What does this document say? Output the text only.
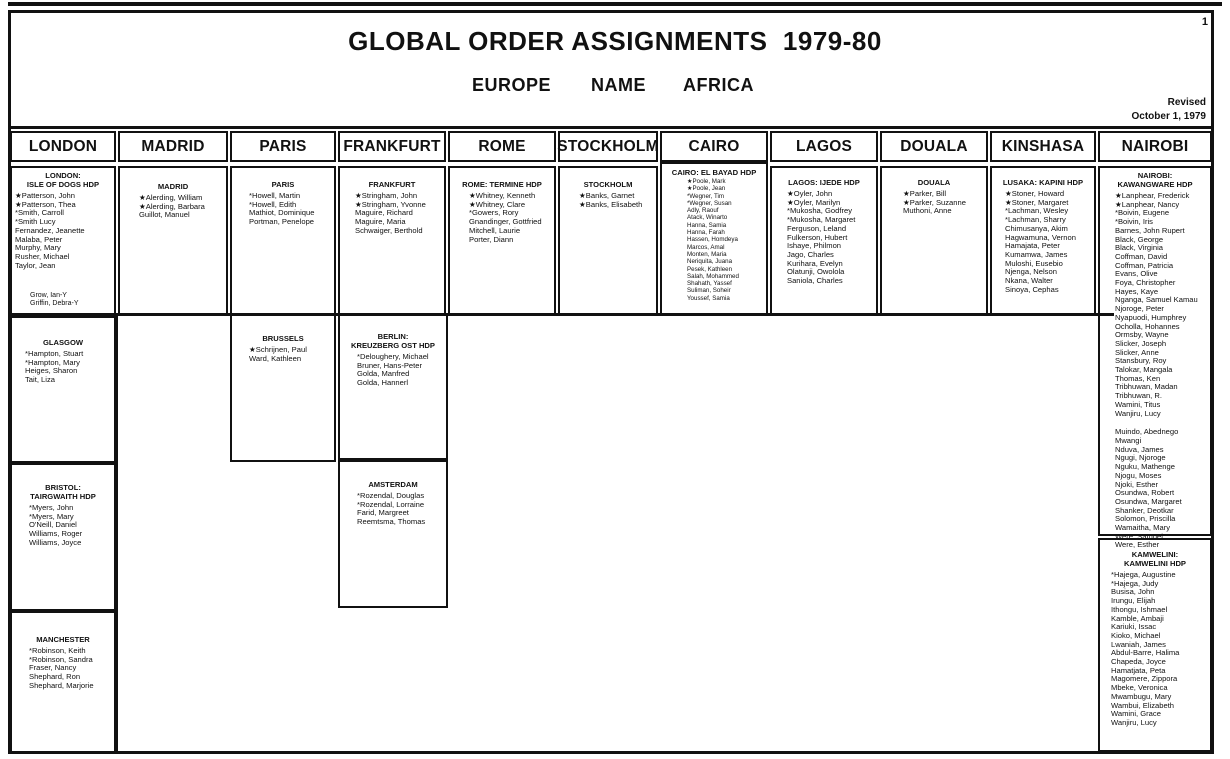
1
GLOBAL ORDER ASSIGNMENTS  1979-80
EUROPE NAME AFRICA
Revised
October 1, 1979
LONDON	MADRID	PARIS	FRANKFURT	ROME	STOCKHOLM	CAIRO	LAGOS	DOUALA	KINSHASA	NAIROBI
LONDON:
ISLE OF DOGS HDP
★Patterson, John
★Patterson, Thea
*Smith, Carroll
*Smith Lucy
Fernandez, Jeanette
Malaba, Peter
Murphy, Mary
Rusher, Michael
Taylor, Jean
Grow, Ian-Y
Griffin, Debra-Y
MADRID
★Alerding, William
★Alerding, Barbara
Guillot, Manuel
PARIS
*Howell, Martin
*Howell, Edith
Mathiot, Dominique
Portman, Penelope
FRANKFURT
★Stringham, John
★Stringham, Yvonne
Maguire, Richard
Maguire, Maria
Schwaiger, Berthold
ROME: TERMINE HDP
★Whitney, Kenneth
★Whitney, Clare
*Gowers, Rory
Gnandinger, Gottfried
Mitchell, Laurie
Porter, Diann
STOCKHOLM
★Banks, Garnet
★Banks, Elisabeth
CAIRO: EL BAYAD HDP
★Poole, Mark
★Poole, Jean
*Wegner, Tim
*Wegner, Susan
Adly, Raouf
Atack, Winarto
Hanna, Samia
Hanna, Farah
Hassen, Homdeya
Marcos, Amal
Monten, Maria
Neriquita, Juana
Pesek, Kathleen
Salah, Mohammed
Shahath, Yassef
Suliman, Soheir
Youssef, Samia
LAGOS: IJEDE HDP
★Oyler, John
★Oyler, Marilyn
*Mukosha, Godfrey
*Mukosha, Margaret
Ferguson, Leland
Fulkerson, Hubert
Ishaye, Philmon
Jago, Charles
Kurihara, Evelyn
Olatunji, Owolola
Saniola, Charles
DOUALA
★Parker, Bill
★Parker, Suzanne
Muthoni, Anne
LUSAKA: KAPINI HDP
★Stoner, Howard
★Stoner, Margaret
*Lachman, Wesley
*Lachman, Sharry
Chimusanya, Akim
Hagwamuna, Vernon
Hamajata, Peter
Kumamwa, James
Muloshi, Eusebio
Njenga, Nelson
Nkana, Walter
Sinoya, Cephas
NAIROBI:
KAWANGWARE HDP
★Lanphear, Frederick
★Lanphear, Nancy
*Boivin, Eugene
*Boivin, Iris
Barnes, John Rupert
Black, George
Black, Virginia
Coffman, David
Coffman, Patricia
Evans, Olive
Foya, Christopher
Hayes, Kaye
Nganga, Samuel Kamau
Njoroge, Peter
Nyapuodi, Humphrey
Ocholla, Hohannes
Ormsby, Wayne
Slicker, Joseph
Slicker, Anne
Stansbury, Roy
Talokar, Mangala
Thomas, Ken
Tribhuwan, Madan
Tribhuwan, R.
Wamini, Titus
Wanjiru, Lucy
Muindo, Abednego
Mwangi
Nduva, James
Ngugi, Njoroge
Nguku, Mathenge
Njogu, Moses
Njoki, Esther
Osundwa, Robert
Osundwa, Margaret
Shanker, Deotkar
Solomon, Priscilla
Wamaitha, Mary
Were, Samuel
Were, Esther
GLASGOW
*Hampton, Stuart
*Hampton, Mary
Heiges, Sharon
Tait, Liza
BRUSSELS
★Schrijnen, Paul
Ward, Kathleen
BERLIN:
KREUZBERG OST HDP
*Deloughery, Michael
Bruner, Hans-Peter
Golda, Manfred
Golda, Hannerl
BRISTOL:
TAIRGWAITH HDP
*Myers, John
*Myers, Mary
O'Neill, Daniel
Williams, Roger
Williams, Joyce
AMSTERDAM
*Rozendal, Douglas
*Rozendal, Lorraine
Farid, Margreet
Reemtsma, Thomas
KAMWELINI:
KAMWELINI HDP
*Hajega, Augustine
*Hajega, Judy
Busisa, John
Irungu, Elijah
Ithongu, Ishmael
Kamble, Ambaji
Kariuki, Issac
Kioko, Michael
Lwaniah, James
Abdul-Barre, Halima
Chapeda, Joyce
Hamatjata, Peta
Magomere, Zippora
Mbeke, Veronica
Mwambugu, Mary
Wambui, Elizabeth
Wamini, Grace
Wanjiru, Lucy
MANCHESTER
*Robinson, Keith
*Robinson, Sandra
Fraser, Nancy
Shephard, Ron
Shephard, Marjorie
